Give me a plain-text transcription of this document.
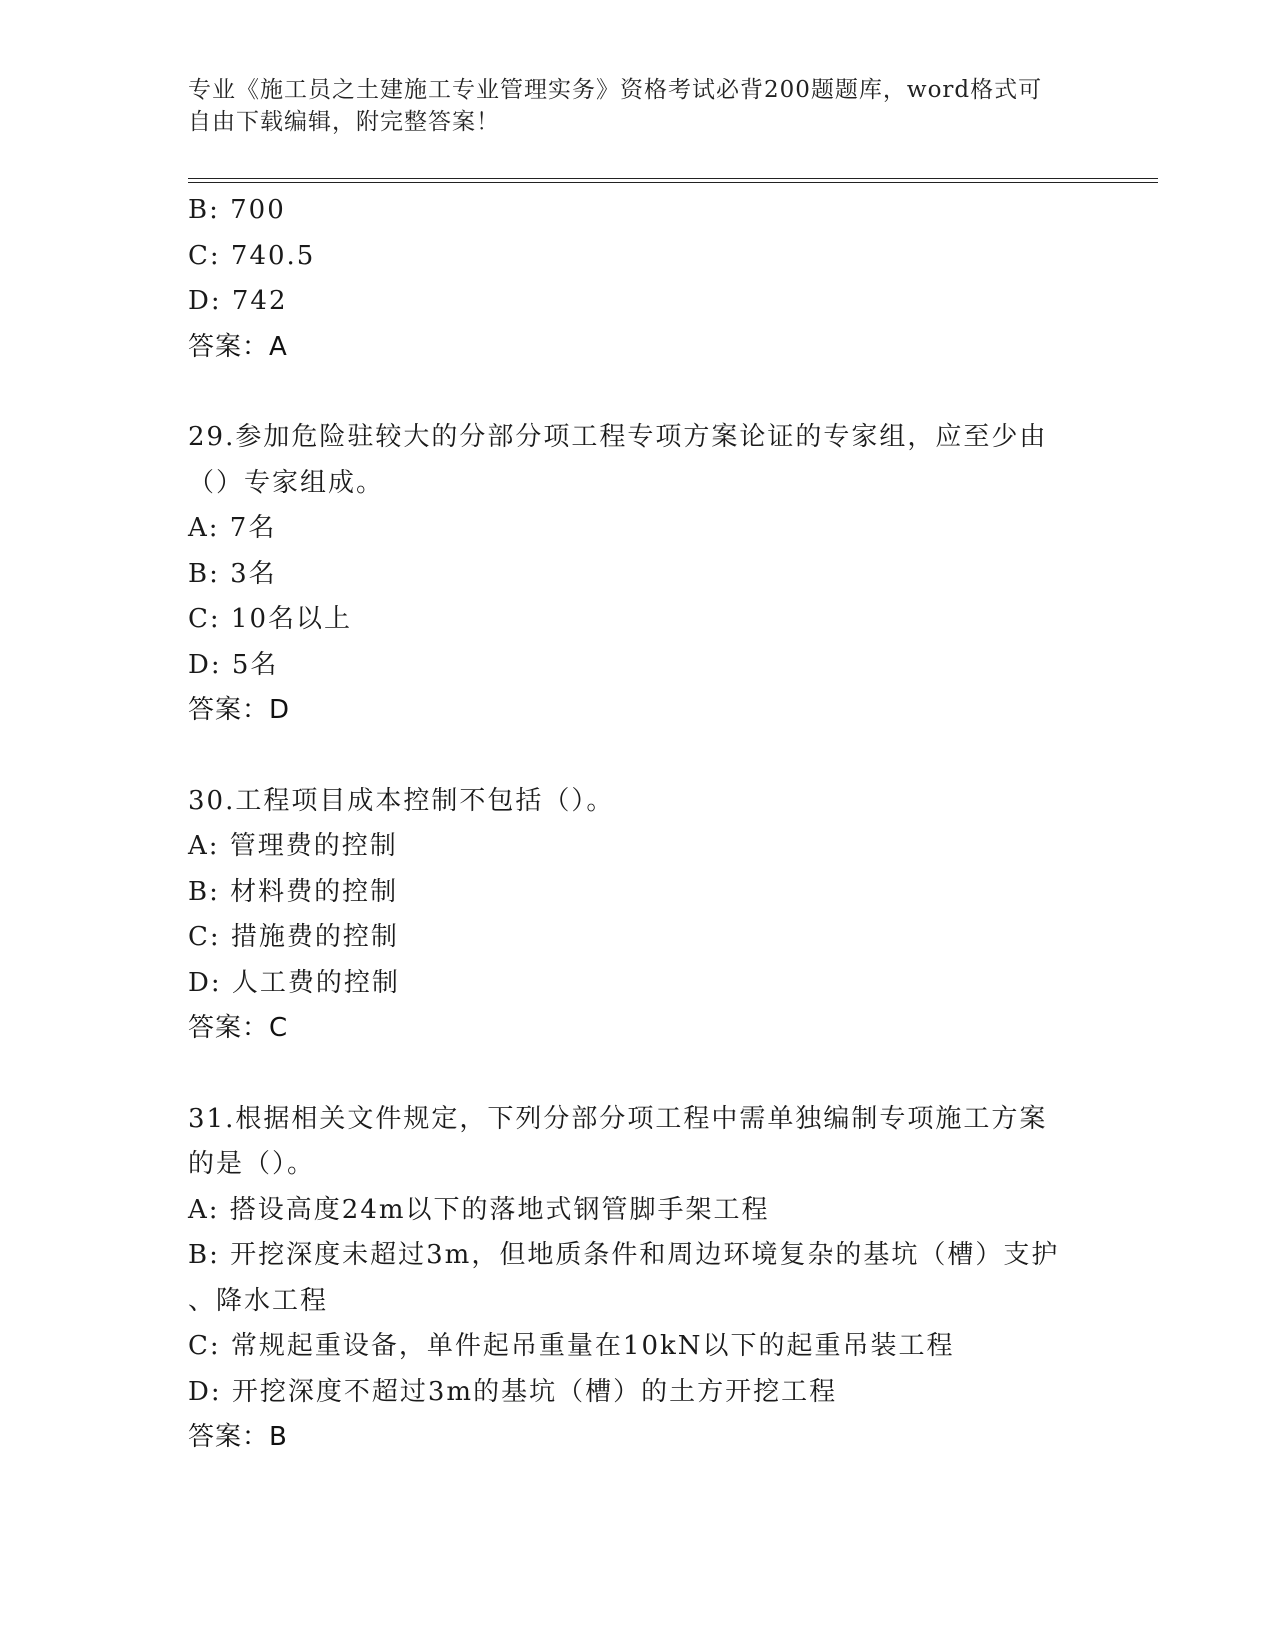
专业《施工员之土建施工专业管理实务》资格考试必背200题题库，word格式可
自由下载编辑，附完整答案！
B: 700
C: 740.5
D: 742
答案：A
29.参加危险驻较大的分部分项工程专项方案论证的专家组，应至少由
（）专家组成。
A: 7名
B: 3名
C: 10名以上
D: 5名
答案：D
30.工程项目成本控制不包括（）。
A: 管理费的控制
B: 材料费的控制
C: 措施费的控制
D: 人工费的控制
答案：C
31.根据相关文件规定，下列分部分项工程中需单独编制专项施工方案
的是（）。
A: 搭设高度24m以下的落地式钢管脚手架工程
B: 开挖深度未超过3m，但地质条件和周边环境复杂的基坑（槽）支护
、降水工程
C: 常规起重设备，单件起吊重量在10kN以下的起重吊装工程
D: 开挖深度不超过3m的基坑（槽）的土方开挖工程
答案：B
